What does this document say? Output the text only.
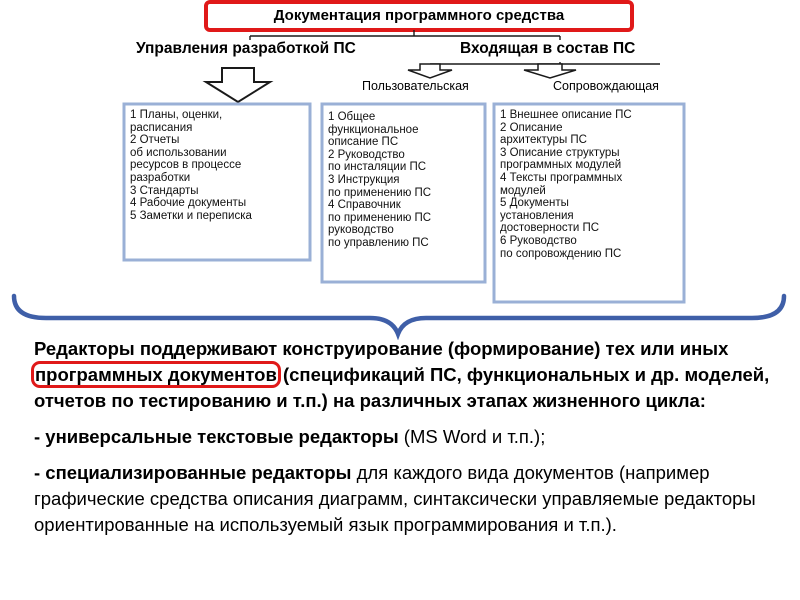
Документация программного средства
Управления разработкой ПС	Входящая в состав ПС
Пользовательская	Сопровождающая
1 Планы, оценки,
расписания
2 Отчеты
об использовании
ресурсов в процессе
разработки
3 Стандарты
4 Рабочие документы
5 Заметки и переписка
1 Общее
функциональное
описание ПС
2 Руководство
по инсталяции ПС
3 Инструкция
по применению ПС
4 Справочник
по применению ПС
руководство
по управлению ПС
1 Внешнее описание ПС
2 Описание
архитектуры ПС
3 Описание структуры
программных модулей
4 Тексты программных
модулей
5 Документы
установления
достоверности ПС
6 Руководство
по сопровождению ПС

Редакторы поддерживают конструирование (формирование) тех или иных программных документов (спецификаций ПС, функциональных и др. моделей, отчетов по тестированию и т.п.) на различных этапах жизненного цикла:

- универсальные текстовые редакторы (MS Word и т.п.);

- специализированные редакторы для каждого вида документов (например графические средства описания диаграмм, синтаксически управляемые редакторы ориентированные на используемый язык программирования и т.п.).
